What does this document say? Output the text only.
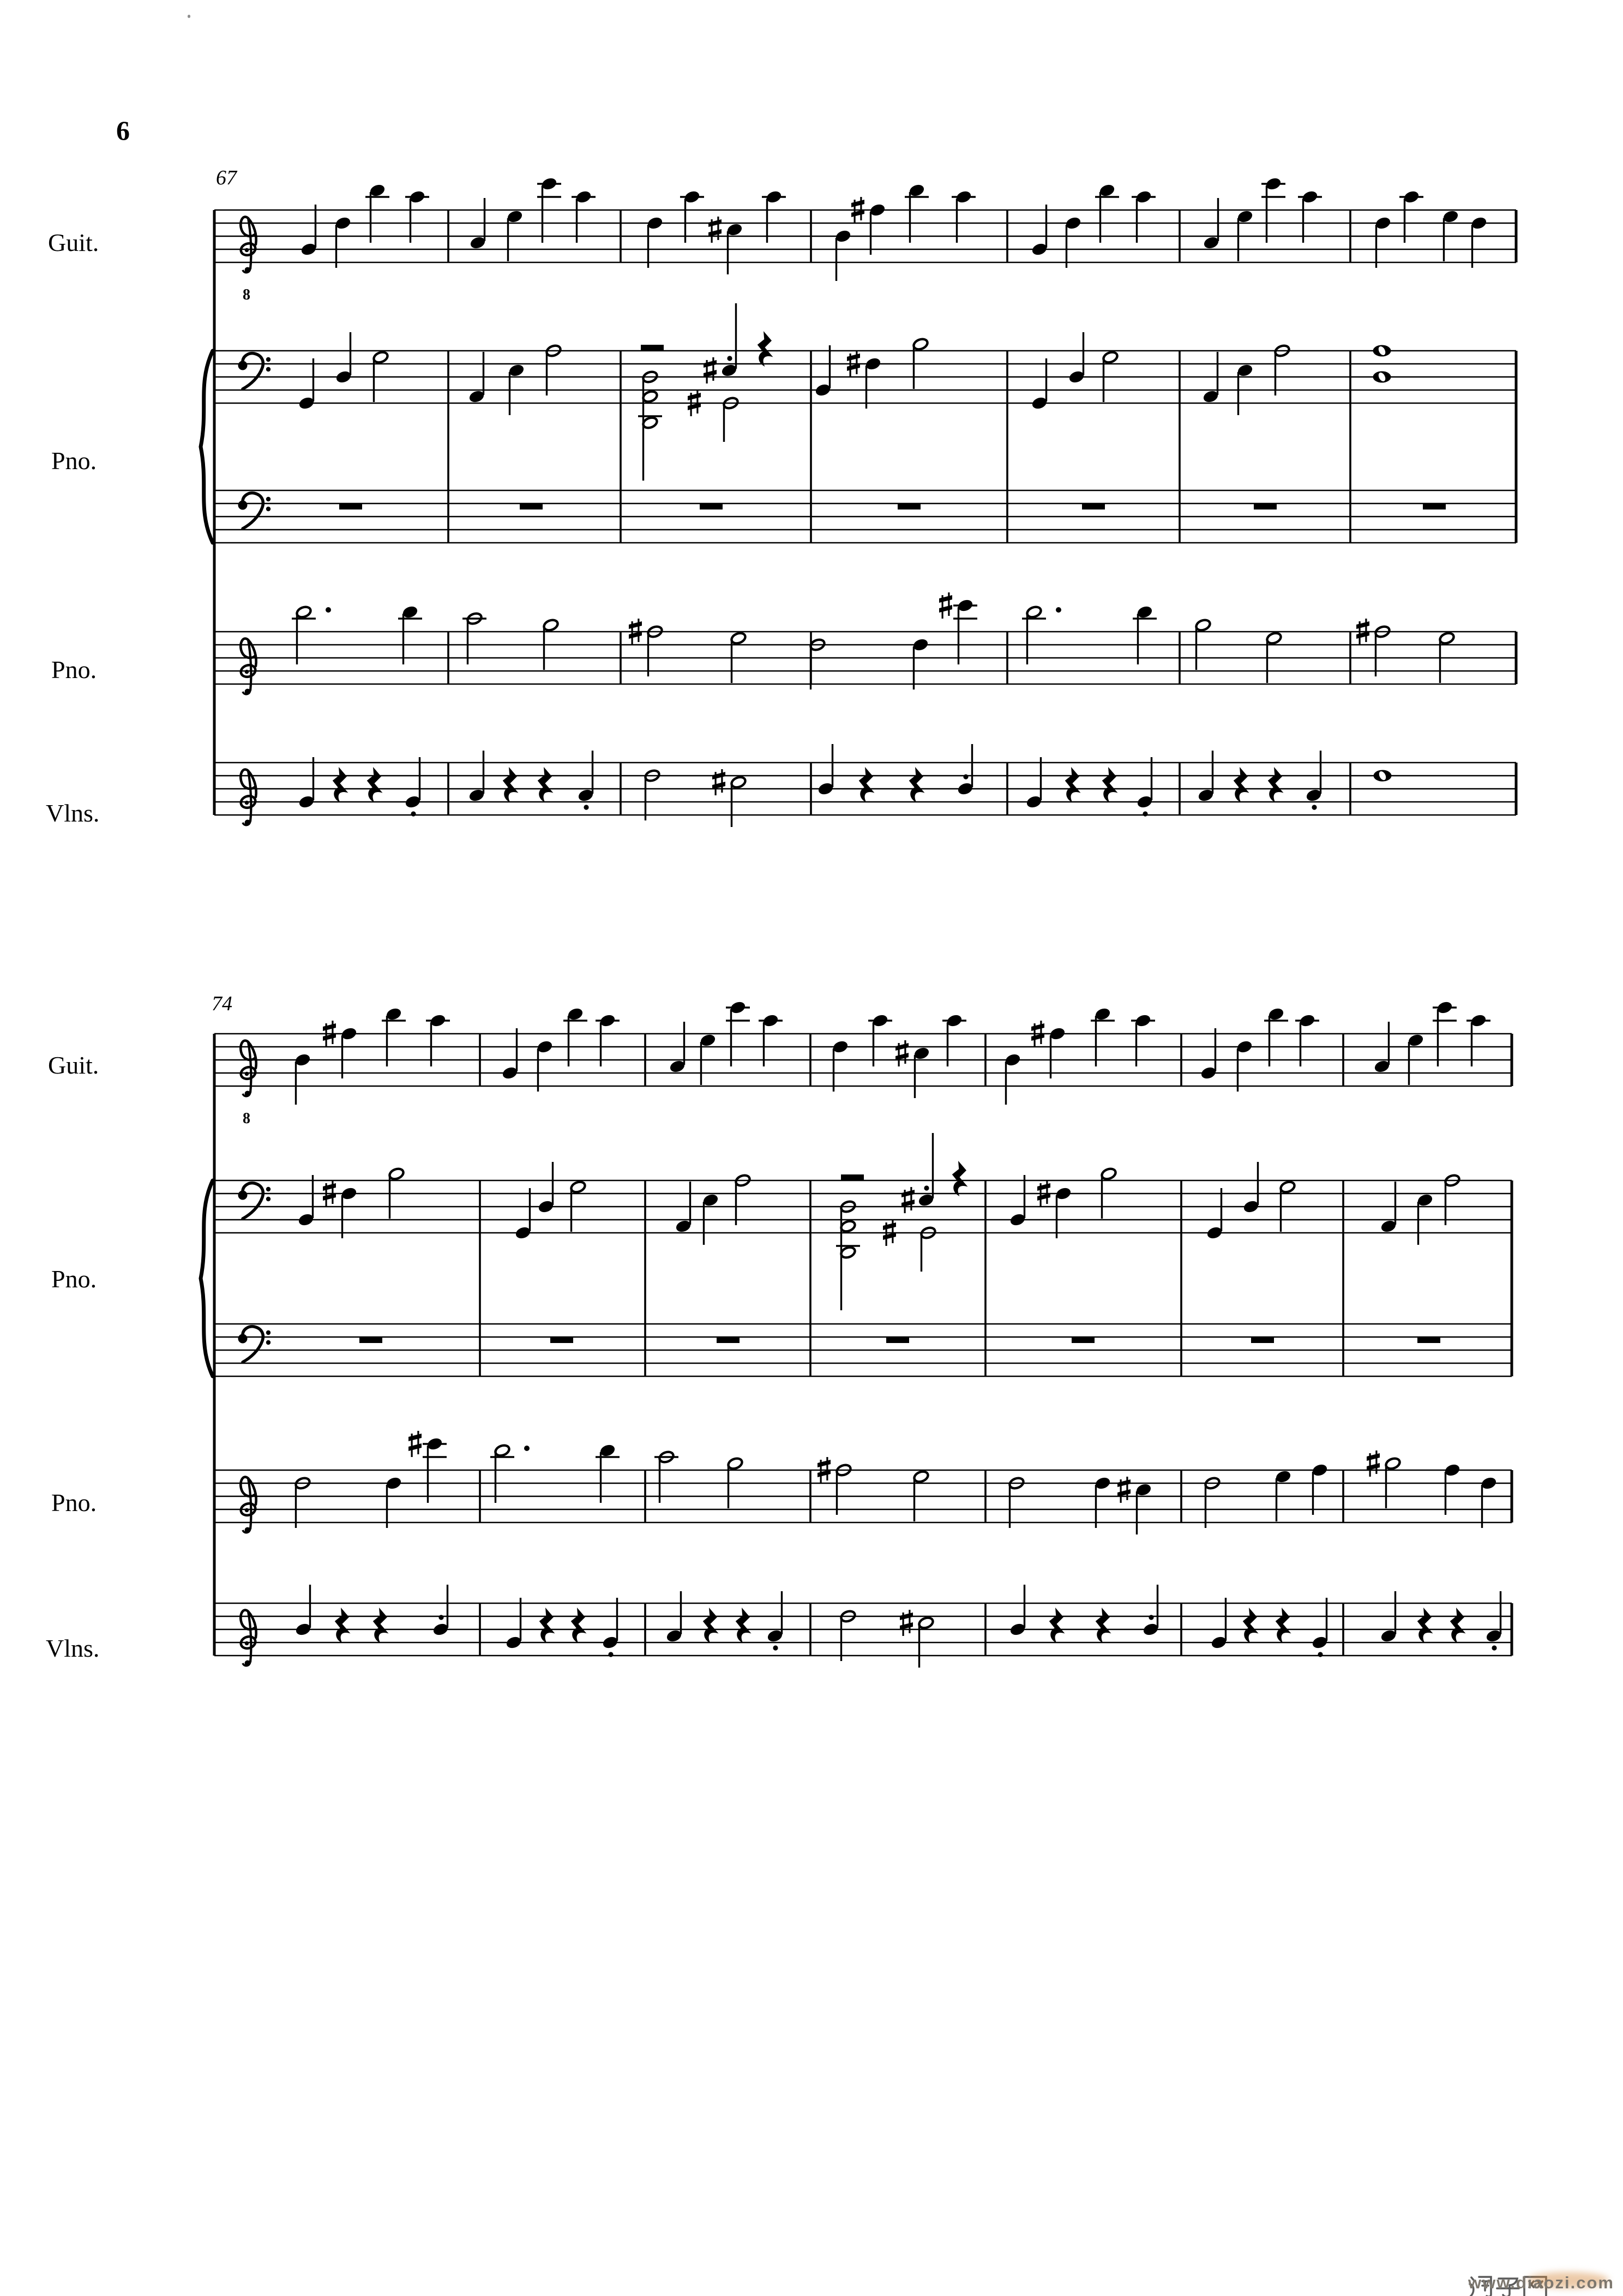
6
67
Guit.
8
Pno.
Pno.
Vlns.
74
Guit.
8
Pno.
Pno.
Vlns.
www.diaozi.com
